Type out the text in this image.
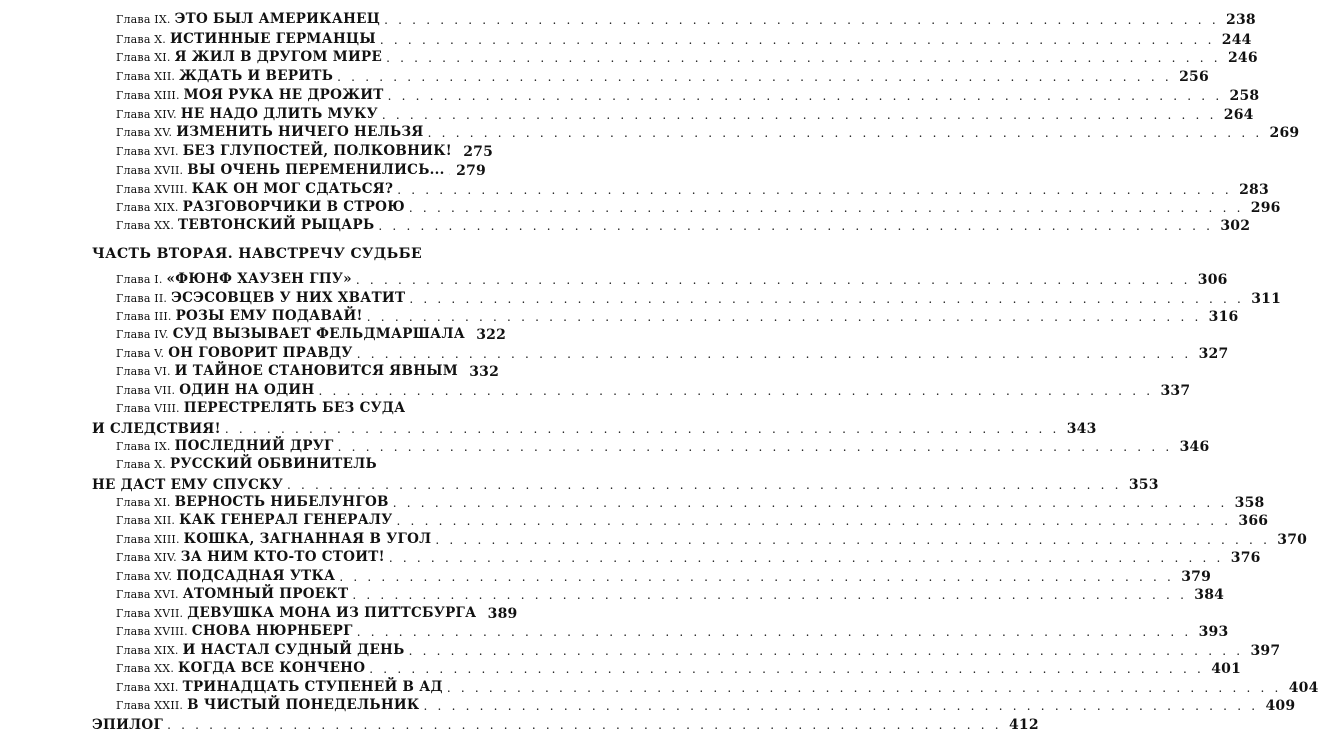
ЧАСТЬ ВТОРАЯ. НАВСТРЕЧУ СУДЬБЕ
Глава IX. ЭТО БЫЛ АМЕРИКАНЕЦ . . . . . . . . . . . . . . . . . . . . . . . . . . . . . . . . . . . . . . . . . . . . . . . . . . . . . . . . . . . . 238
Глава X. ИСТИННЫЕ ГЕРМАНЦЫ . . . . . . . . . . . . . . . . . . . . . . . . . . . . . . . . . . . . . . . . . . . . . . . . . . . . . . . . . . . . 244
Глава XI. Я ЖИЛ В ДРУГОМ МИРЕ . . . . . . . . . . . . . . . . . . . . . . . . . . . . . . . . . . . . . . . . . . . . . . . . . . . . . . . . . . . . 246
Глава XII. ЖДАТЬ И ВЕРИТЬ . . . . . . . . . . . . . . . . . . . . . . . . . . . . . . . . . . . . . . . . . . . . . . . . . . . . . . . . . . . . 256
Глава XIII. МОЯ РУКА НЕ ДРОЖИТ . . . . . . . . . . . . . . . . . . . . . . . . . . . . . . . . . . . . . . . . . . . . . . . . . . . . . . . . . . . . 258
Глава XIV. НЕ НАДО ДЛИТЬ МУКУ . . . . . . . . . . . . . . . . . . . . . . . . . . . . . . . . . . . . . . . . . . . . . . . . . . . . . . . . . . . . 264
Глава XV. ИЗМЕНИТЬ НИЧЕГО НЕЛЬЗЯ . . . . . . . . . . . . . . . . . . . . . . . . . . . . . . . . . . . . . . . . . . . . . . . . . . . . . . . . . . . . 269
Глава XVI. БЕЗ ГЛУПОСТЕЙ, ПОЛКОВНИК! 275
Глава XVII. ВЫ ОЧЕНЬ ПЕРЕМЕНИЛИСЬ... 279
Глава XVIII. КАК ОН МОГ СДАТЬСЯ? . . . . . . . . . . . . . . . . . . . . . . . . . . . . . . . . . . . . . . . . . . . . . . . . . . . . . . . . . . . . 283
Глава XIX. РАЗГОВОРЧИКИ В СТРОЮ . . . . . . . . . . . . . . . . . . . . . . . . . . . . . . . . . . . . . . . . . . . . . . . . . . . . . . . . . . . . 296
Глава XX. ТЕВТОНСКИЙ РЫЦАРЬ . . . . . . . . . . . . . . . . . . . . . . . . . . . . . . . . . . . . . . . . . . . . . . . . . . . . . . . . . . . . 302
Глава I. «ФЮНФ ХАУЗЕН ГПУ» . . . . . . . . . . . . . . . . . . . . . . . . . . . . . . . . . . . . . . . . . . . . . . . . . . . . . . . . . . . . 306
Глава II. ЭСЭСОВЦЕВ У НИХ ХВАТИТ . . . . . . . . . . . . . . . . . . . . . . . . . . . . . . . . . . . . . . . . . . . . . . . . . . . . . . . . . . . . 311
Глава III. РОЗЫ ЕМУ ПОДАВАЙ! . . . . . . . . . . . . . . . . . . . . . . . . . . . . . . . . . . . . . . . . . . . . . . . . . . . . . . . . . . . . 316
Глава IV. СУД ВЫЗЫВАЕТ ФЕЛЬДМАРШАЛА 322
Глава V. ОН ГОВОРИТ ПРАВДУ . . . . . . . . . . . . . . . . . . . . . . . . . . . . . . . . . . . . . . . . . . . . . . . . . . . . . . . . . . . . 327
Глава VI. И ТАЙНОЕ СТАНОВИТСЯ ЯВНЫМ 332
Глава VII. ОДИН НА ОДИН . . . . . . . . . . . . . . . . . . . . . . . . . . . . . . . . . . . . . . . . . . . . . . . . . . . . . . . . . . . . 337
Глава VIII. ПЕРЕСТРЕЛЯТЬ БЕЗ СУДА
И СЛЕДСТВИЯ! . . . . . . . . . . . . . . . . . . . . . . . . . . . . . . . . . . . . . . . . . . . . . . . . . . . . . . . . . . . . 343
Глава IX. ПОСЛЕДНИЙ ДРУГ . . . . . . . . . . . . . . . . . . . . . . . . . . . . . . . . . . . . . . . . . . . . . . . . . . . . . . . . . . . . 346
Глава X. РУССКИЙ ОБВИНИТЕЛЬ
НЕ ДАСТ ЕМУ СПУСКУ . . . . . . . . . . . . . . . . . . . . . . . . . . . . . . . . . . . . . . . . . . . . . . . . . . . . . . . . . . . . 353
Глава XI. ВЕРНОСТЬ НИБЕЛУНГОВ . . . . . . . . . . . . . . . . . . . . . . . . . . . . . . . . . . . . . . . . . . . . . . . . . . . . . . . . . . . . 358
Глава XII. КАК ГЕНЕРАЛ ГЕНЕРАЛУ . . . . . . . . . . . . . . . . . . . . . . . . . . . . . . . . . . . . . . . . . . . . . . . . . . . . . . . . . . . . 366
Глава XIII. КОШКА, ЗАГНАННАЯ В УГОЛ . . . . . . . . . . . . . . . . . . . . . . . . . . . . . . . . . . . . . . . . . . . . . . . . . . . . . . . . . . . . 370
Глава XIV. ЗА НИМ КТО-ТО СТОИТ! . . . . . . . . . . . . . . . . . . . . . . . . . . . . . . . . . . . . . . . . . . . . . . . . . . . . . . . . . . . . 376
Глава XV. ПОДСАДНАЯ УТКА . . . . . . . . . . . . . . . . . . . . . . . . . . . . . . . . . . . . . . . . . . . . . . . . . . . . . . . . . . . . 379
Глава XVI. АТОМНЫЙ ПРОЕКТ . . . . . . . . . . . . . . . . . . . . . . . . . . . . . . . . . . . . . . . . . . . . . . . . . . . . . . . . . . . . 384
Глава XVII. ДЕВУШКА МОНА ИЗ ПИТТСБУРГА 389
Глава XVIII. СНОВА НЮРНБЕРГ . . . . . . . . . . . . . . . . . . . . . . . . . . . . . . . . . . . . . . . . . . . . . . . . . . . . . . . . . . . . 393
Глава XIX. И НАСТАЛ СУДНЫЙ ДЕНЬ . . . . . . . . . . . . . . . . . . . . . . . . . . . . . . . . . . . . . . . . . . . . . . . . . . . . . . . . . . . . 397
Глава XX. КОГДА ВСЕ КОНЧЕНО . . . . . . . . . . . . . . . . . . . . . . . . . . . . . . . . . . . . . . . . . . . . . . . . . . . . . . . . . . . . 401
Глава XXI. ТРИНАДЦАТЬ СТУПЕНЕЙ В АД . . . . . . . . . . . . . . . . . . . . . . . . . . . . . . . . . . . . . . . . . . . . . . . . . . . . . . . . . . . . 404
Глава XXII. В ЧИСТЫЙ ПОНЕДЕЛЬНИК . . . . . . . . . . . . . . . . . . . . . . . . . . . . . . . . . . . . . . . . . . . . . . . . . . . . . . . . . . . . 409
ЭПИЛОГ . . . . . . . . . . . . . . . . . . . . . . . . . . . . . . . . . . . . . . . . . . . . . . . . . . . . . . . . . . . . 412
